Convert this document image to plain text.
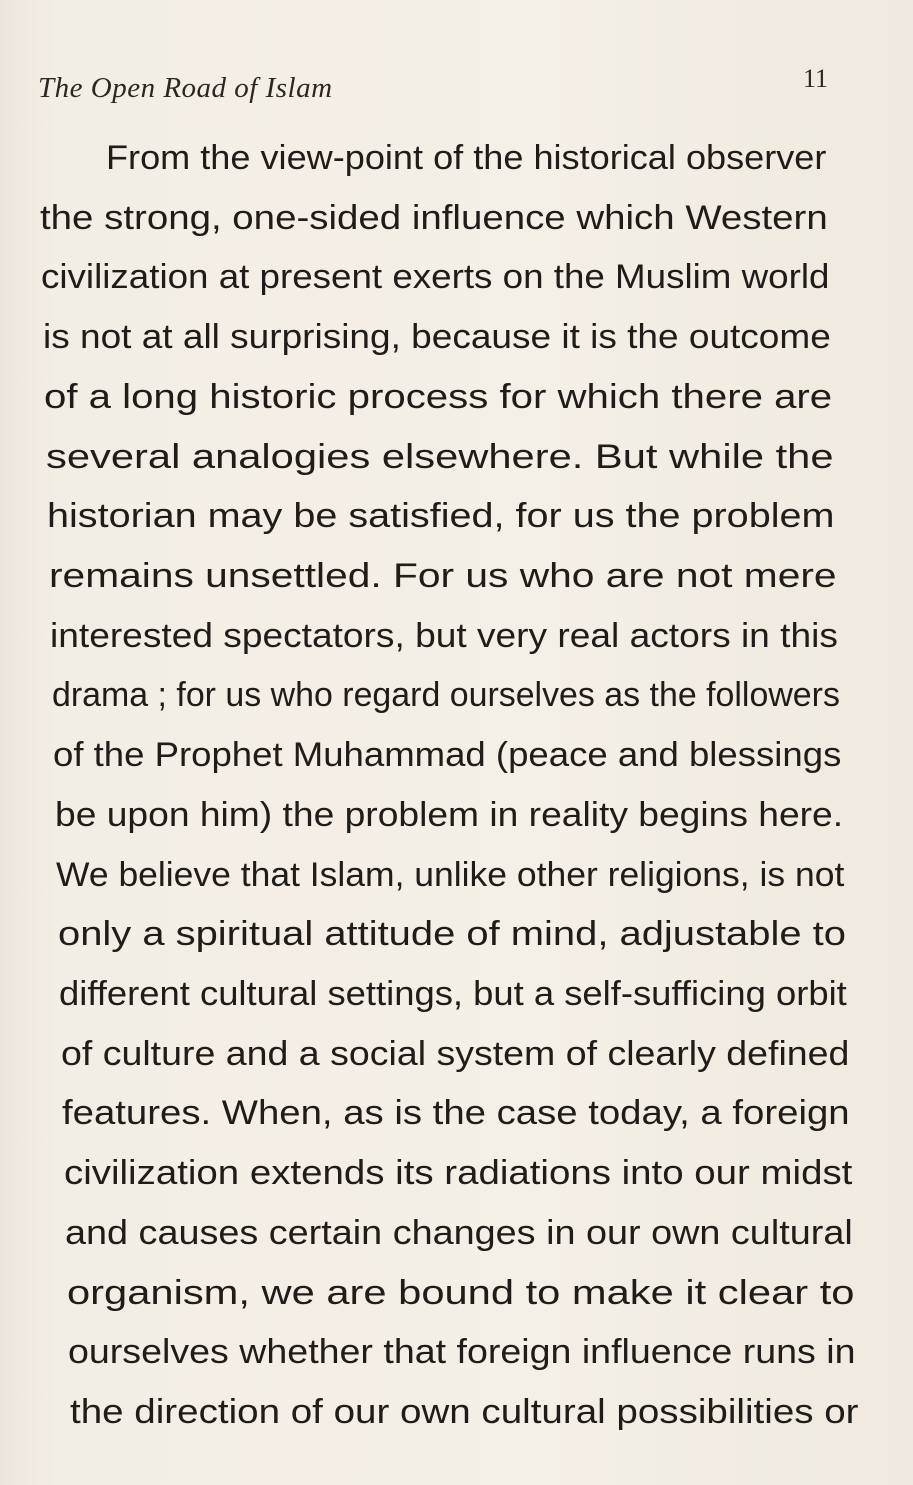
The Open Road of Islam	11
From the view-point of the historical observer
the strong, one-sided influence which Western
civilization at present exerts on the Muslim world
is not at all surprising, because it is the outcome
of a long historic process for which there are
several analogies elsewhere. But while the
historian may be satisfied, for us the problem
remains unsettled. For us who are not mere
interested spectators, but very real actors in this
drama ; for us who regard ourselves as the followers
of the Prophet Muhammad (peace and blessings
be upon him) the problem in reality begins here.
We believe that Islam, unlike other religions, is not
only a spiritual attitude of mind, adjustable to
different cultural settings, but a self-sufficing orbit
of culture and a social system of clearly defined
features. When, as is the case today, a foreign
civilization extends its radiations into our midst
and causes certain changes in our own cultural
organism, we are bound to make it clear to
ourselves whether that foreign influence runs in
the direction of our own cultural possibilities or
